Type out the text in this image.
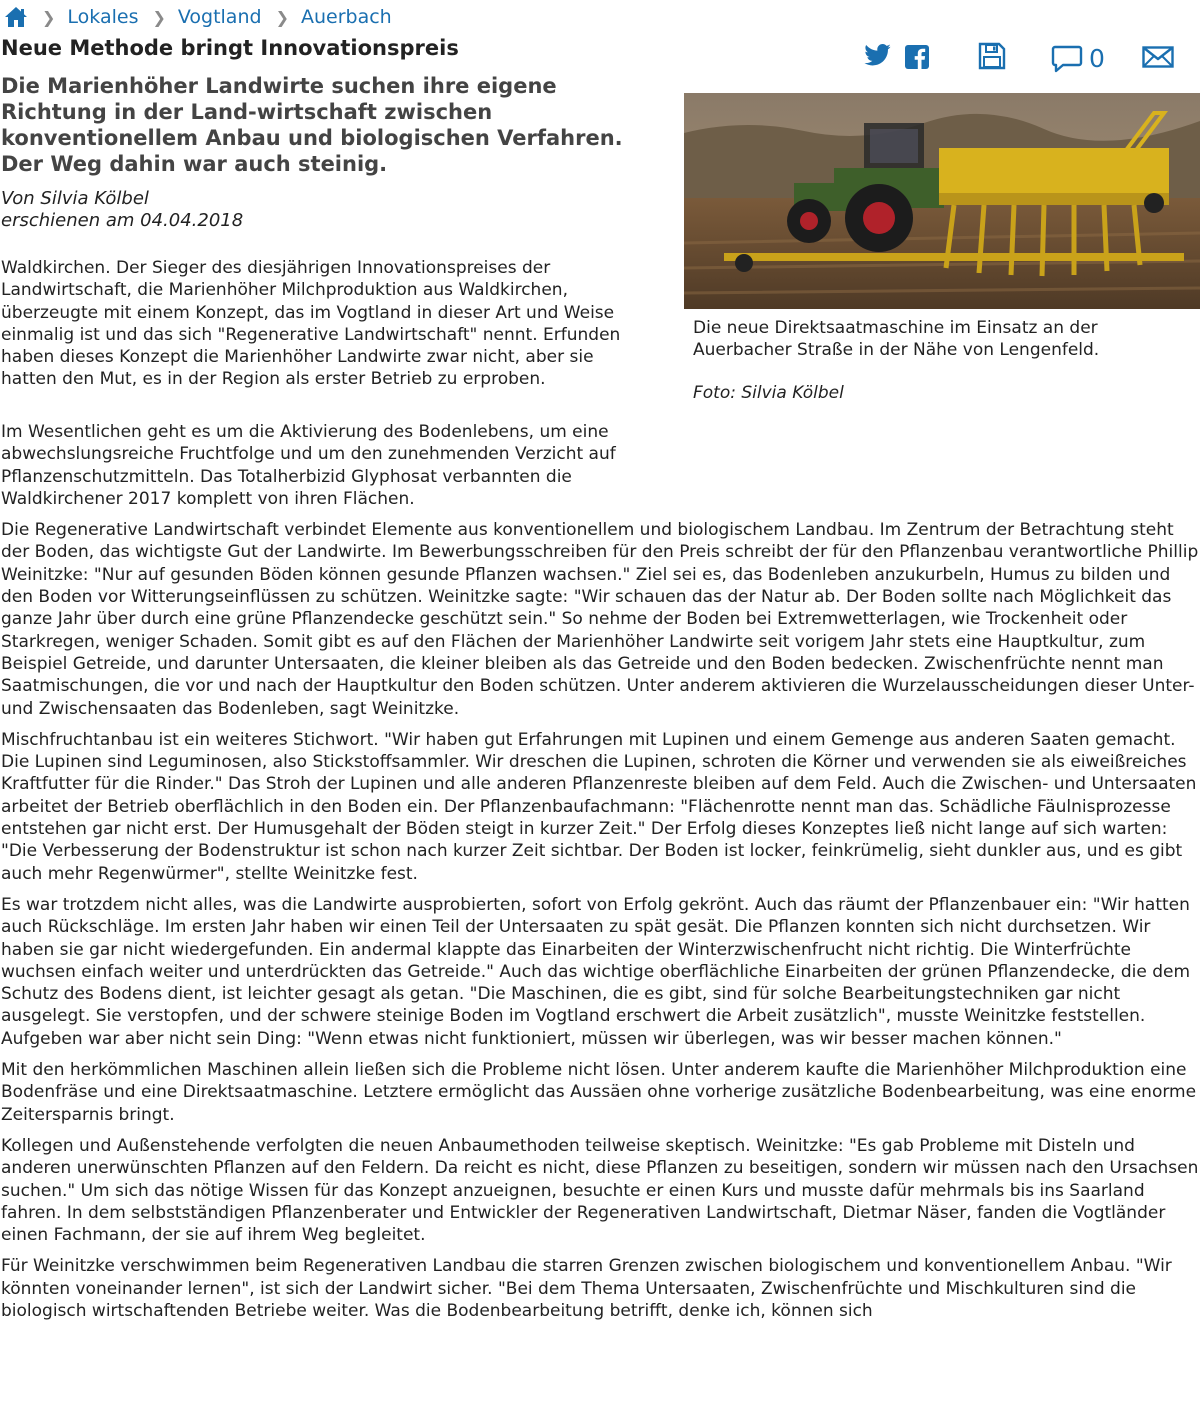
❯ Lokales ❯ Vogtland ❯ Auerbach
Neue Methode bringt Innovationspreis	0
Die Marienhöher Landwirte suchen ihre eigene Richtung in der Land-wirtschaft zwischen konventionellem Anbau und biologischen Verfahren. Der Weg dahin war auch steinig.
Von Silvia Kölbel
erschienen am 04.04.2018
Die neue Direktsaatmaschine im Einsatz an der Auerbacher Straße in der Nähe von Lengenfeld.
Foto: Silvia Kölbel

Waldkirchen. Der Sieger des diesjährigen Innovationspreises der Landwirtschaft, die Marienhöher Milchproduktion aus Waldkirchen, überzeugte mit einem Konzept, das im Vogtland in dieser Art und Weise einmalig ist und das sich "Regenerative Landwirtschaft" nennt. Erfunden haben dieses Konzept die Marienhöher Landwirte zwar nicht, aber sie hatten den Mut, es in der Region als erster Betrieb zu erproben.

Im Wesentlichen geht es um die Aktivierung des Bodenlebens, um eine abwechslungsreiche Fruchtfolge und um den zunehmenden Verzicht auf Pflanzenschutzmitteln. Das Totalherbizid Glyphosat verbannten die Waldkirchener 2017 komplett von ihren Flächen.

Die Regenerative Landwirtschaft verbindet Elemente aus konventionellem und biologischem Landbau. Im Zentrum der Betrachtung steht der Boden, das wichtigste Gut der Landwirte. Im Bewerbungsschreiben für den Preis schreibt der für den Pflanzenbau verantwortliche Phillip Weinitzke: "Nur auf gesunden Böden können gesunde Pflanzen wachsen." Ziel sei es, das Bodenleben anzukurbeln, Humus zu bilden und den Boden vor Witterungseinflüssen zu schützen. Weinitzke sagte: "Wir schauen das der Natur ab. Der Boden sollte nach Möglichkeit das ganze Jahr über durch eine grüne Pflanzendecke geschützt sein." So nehme der Boden bei Extremwetterlagen, wie Trockenheit oder Starkregen, weniger Schaden. Somit gibt es auf den Flächen der Marienhöher Landwirte seit vorigem Jahr stets eine Hauptkultur, zum Beispiel Getreide, und darunter Untersaaten, die kleiner bleiben als das Getreide und den Boden bedecken. Zwischenfrüchte nennt man Saatmischungen, die vor und nach der Hauptkultur den Boden schützen. Unter anderem aktivieren die Wurzelausscheidungen dieser Unter- und Zwischensaaten das Bodenleben, sagt Weinitzke.

Mischfruchtanbau ist ein weiteres Stichwort. "Wir haben gut Erfahrungen mit Lupinen und einem Gemenge aus anderen Saaten gemacht. Die Lupinen sind Leguminosen, also Stickstoffsammler. Wir dreschen die Lupinen, schroten die Körner und verwenden sie als eiweißreiches Kraftfutter für die Rinder." Das Stroh der Lupinen und alle anderen Pflanzenreste bleiben auf dem Feld. Auch die Zwischen- und Untersaaten arbeitet der Betrieb oberflächlich in den Boden ein. Der Pflanzenbaufachmann: "Flächenrotte nennt man das. Schädliche Fäulnisprozesse entstehen gar nicht erst. Der Humusgehalt der Böden steigt in kurzer Zeit." Der Erfolg dieses Konzeptes ließ nicht lange auf sich warten: "Die Verbesserung der Bodenstruktur ist schon nach kurzer Zeit sichtbar. Der Boden ist locker, feinkrümelig, sieht dunkler aus, und es gibt auch mehr Regenwürmer", stellte Weinitzke fest.

Es war trotzdem nicht alles, was die Landwirte ausprobierten, sofort von Erfolg gekrönt. Auch das räumt der Pflanzenbauer ein: "Wir hatten auch Rückschläge. Im ersten Jahr haben wir einen Teil der Untersaaten zu spät gesät. Die Pflanzen konnten sich nicht durchsetzen. Wir haben sie gar nicht wiedergefunden. Ein andermal klappte das Einarbeiten der Winterzwischenfrucht nicht richtig. Die Winterfrüchte wuchsen einfach weiter und unterdrückten das Getreide." Auch das wichtige oberflächliche Einarbeiten der grünen Pflanzendecke, die dem Schutz des Bodens dient, ist leichter gesagt als getan. "Die Maschinen, die es gibt, sind für solche Bearbeitungstechniken gar nicht ausgelegt. Sie verstopfen, und der schwere steinige Boden im Vogtland erschwert die Arbeit zusätzlich", musste Weinitzke feststellen. Aufgeben war aber nicht sein Ding: "Wenn etwas nicht funktioniert, müssen wir überlegen, was wir besser machen können."

Mit den herkömmlichen Maschinen allein ließen sich die Probleme nicht lösen. Unter anderem kaufte die Marienhöher Milchproduktion eine Bodenfräse und eine Direktsaatmaschine. Letztere ermöglicht das Aussäen ohne vorherige zusätzliche Bodenbearbeitung, was eine enorme Zeitersparnis bringt.

Kollegen und Außenstehende verfolgten die neuen Anbaumethoden teilweise skeptisch. Weinitzke: "Es gab Probleme mit Disteln und anderen unerwünschten Pflanzen auf den Feldern. Da reicht es nicht, diese Pflanzen zu beseitigen, sondern wir müssen nach den Ursachsen suchen." Um sich das nötige Wissen für das Konzept anzueignen, besuchte er einen Kurs und musste dafür mehrmals bis ins Saarland fahren. In dem selbstständigen Pflanzenberater und Entwickler der Regenerativen Landwirtschaft, Dietmar Näser, fanden die Vogtländer einen Fachmann, der sie auf ihrem Weg begleitet.

Für Weinitzke verschwimmen beim Regenerativen Landbau die starren Grenzen zwischen biologischem und konventionellem Anbau. "Wir könnten voneinander lernen", ist sich der Landwirt sicher. "Bei dem Thema Untersaaten, Zwischenfrüchte und Mischkulturen sind die biologisch wirtschaftenden Betriebe weiter. Was die Bodenbearbeitung betrifft, denke ich, können sich
